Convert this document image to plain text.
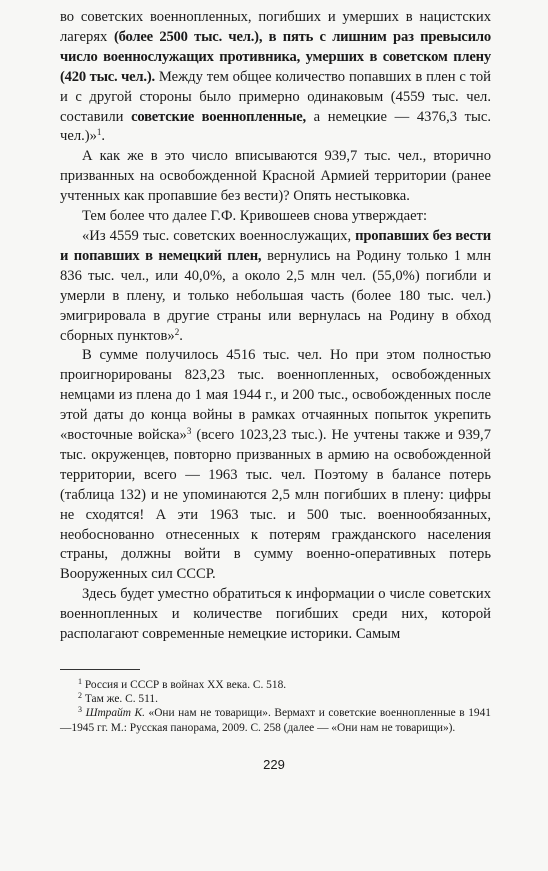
во советских военнопленных, погибших и умерших в нацистских лагерях (более 2500 тыс. чел.), в пять с лишним раз превысило число военнослужащих противника, умерших в советском плену (420 тыс. чел.). Между тем общее количество попавших в плен с той и с другой стороны было примерно одинаковым (4559 тыс. чел. составили советские военнопленные, а немецкие — 4376,3 тыс. чел.)»$^1$.

А как же в это число вписываются 939,7 тыс. чел., вторично призванных на освобожденной Красной Армией территории (ранее учтенных как пропавшие без вести)? Опять нестыковка.

Тем более что далее Г.Ф. Кривошеев снова утверждает:

«Из 4559 тыс. советских военнослужащих, пропавших без вести и попавших в немецкий плен, вернулись на Родину только 1 млн 836 тыс. чел., или 40,0%, а около 2,5 млн чел. (55,0%) погибли и умерли в плену, и только небольшая часть (более 180 тыс. чел.) эмигрировала в другие страны или вернулась на Родину в обход сборных пунктов»$^2$.

В сумме получилось 4516 тыс. чел. Но при этом полностью проигнорированы 823,23 тыс. военнопленных, освобожденных немцами из плена до 1 мая 1944 г., и 200 тыс., освобожденных после этой даты до конца войны в рамках отчаянных попыток укрепить «восточные войска»$^3$ (всего 1023,23 тыс.). Не учтены также и 939,7 тыс. окруженцев, повторно призванных в армию на освобожденной территории, всего — 1963 тыс. чел. Поэтому в балансе потерь (таблица 132) и не упоминаются 2,5 млн погибших в плену: цифры не сходятся! А эти 1963 тыс. и 500 тыс. военнообязанных, необоснованно отнесенных к потерям гражданского населения страны, должны войти в сумму военно-оперативных потерь Вооруженных сил СССР.

Здесь будет уместно обратиться к информации о числе советских военнопленных и количестве погибших среди них, которой располагают современные немецкие историки. Самым

$^1$ Россия и СССР в войнах XX века. С. 518.

$^2$ Там же. С. 511.

$^3$ Штрайт К. «Они нам не товарищи». Вермахт и советские военнопленные в 1941—1945 гг. М.: Русская панорама, 2009. С. 258 (далее — «Они нам не товарищи»).

229
